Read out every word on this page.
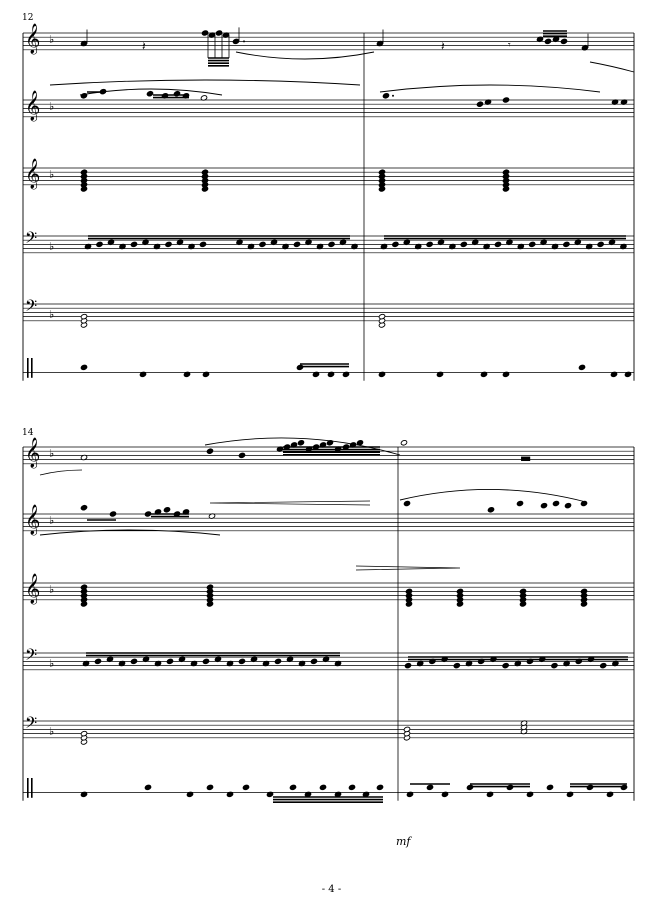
𝄞 ♭
𝄞 ♭
𝄞 ♭
𝄢 ♭
𝄢 ♭
𝄽	𝄽	𝄾
𝄞 ♭
𝄞 ♭
𝄞 ♭
𝄢 ♭
𝄢 ♭
▬
12
14
mf
- 4 -
